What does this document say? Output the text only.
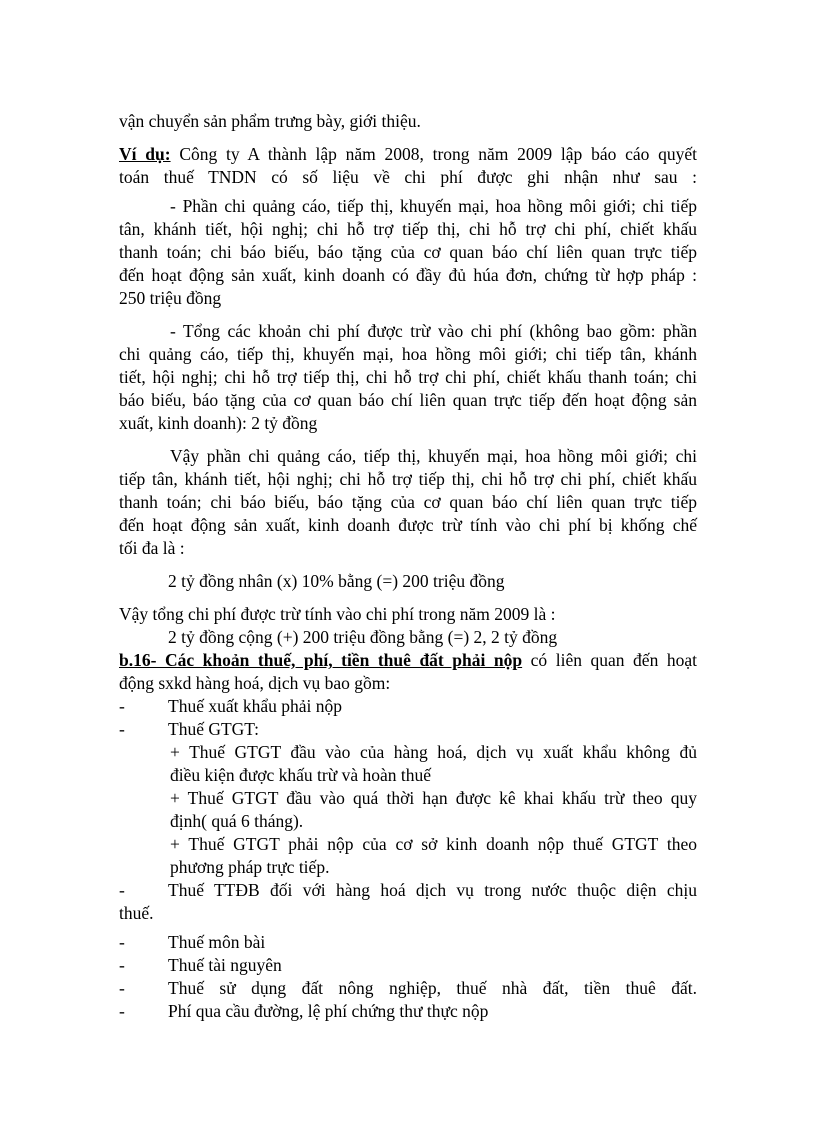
vận chuyển sản phẩm trưng bày, giới thiệu.

Ví dụ: Công ty A thành lập năm 2008, trong năm 2009 lập báo cáo quyết

toán thuế TNDN có số liệu về chi phí được ghi nhận như sau :

- Phần chi quảng cáo, tiếp thị, khuyến mại, hoa hồng môi giới; chi tiếp

tân, khánh tiết, hội nghị; chi hỗ trợ tiếp thị, chi hỗ trợ chi phí, chiết khấu

thanh toán; chi báo biếu, báo tặng của cơ quan báo chí liên quan trực tiếp

đến hoạt động sản xuất, kinh doanh có đầy đủ húa đơn, chứng từ hợp pháp :

250 triệu đồng

- Tổng các khoản chi phí được trừ vào chi phí (không bao gồm: phần

chi quảng cáo, tiếp thị, khuyến mại, hoa hồng môi giới; chi tiếp tân, khánh

tiết, hội nghị; chi hỗ trợ tiếp thị, chi hỗ trợ chi phí, chiết khấu thanh toán; chi

báo biếu, báo tặng của cơ quan báo chí liên quan trực tiếp đến hoạt động sản

xuất, kinh doanh): 2 tỷ đồng

Vậy phần chi quảng cáo, tiếp thị, khuyến mại, hoa hồng môi giới; chi

tiếp tân, khánh tiết, hội nghị; chi hỗ trợ tiếp thị, chi hỗ trợ chi phí, chiết khấu

thanh toán; chi báo biếu, báo tặng của cơ quan báo chí liên quan trực tiếp

đến hoạt động sản xuất, kinh doanh được trừ tính vào chi phí bị khống chế

tối đa là :

2 tỷ đồng nhân (x) 10% bằng (=) 200 triệu đồng

Vậy tổng chi phí được trừ tính vào chi phí trong năm 2009 là :

2 tỷ đồng cộng (+) 200 triệu đồng bằng (=) 2, 2 tỷ đồng

b.16- Các khoản thuế, phí, tiền thuê đất phải nộp có liên quan đến hoạt

động sxkd hàng hoá, dịch vụ bao gồm:

-	Thuế xuất khẩu phải nộp
-	Thuế GTGT:

+ Thuế GTGT đầu vào của hàng hoá, dịch vụ xuất khẩu không đủ

điều kiện được khấu trừ và hoàn thuế

+ Thuế GTGT đầu vào quá thời hạn được kê khai khấu trừ theo quy

định( quá 6 tháng).

+ Thuế GTGT phải nộp của cơ sở kinh doanh nộp thuế GTGT theo

phương pháp trực tiếp.

-	Thuế TTĐB đối với hàng hoá dịch vụ trong nước thuộc diện chịu

thuế.

-	Thuế môn bài
-	Thuế tài nguyên
-	Thuế sử dụng đất nông nghiệp, thuế nhà đất, tiền thuê đất.
-	Phí qua cầu đường, lệ phí chứng thư thực nộp
